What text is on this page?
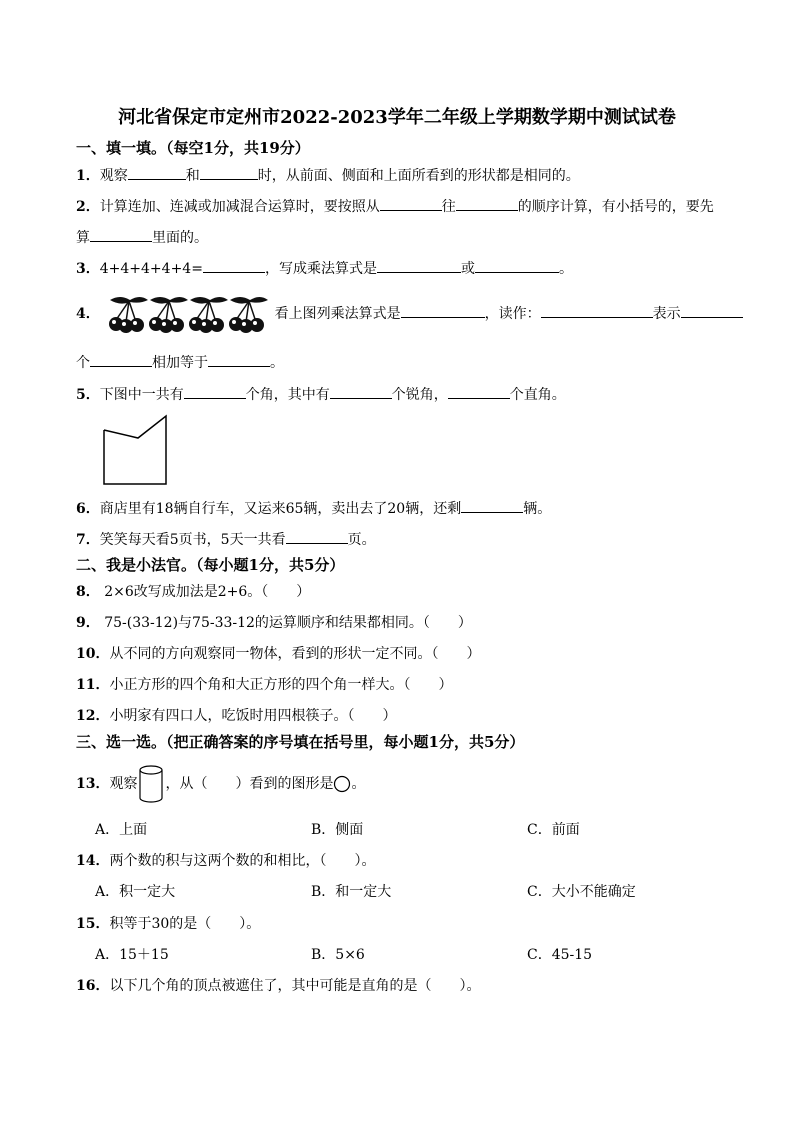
河北省保定市定州市2022-2023学年二年级上学期数学期中测试试卷
一、填一填。（每空1分，共19分）
1．观察	和	时，从前面、侧面和上面所看到的形状都是相同的。
2．计算连加、连减或加减混合运算时，要按照从	往	的顺序计算，有小括号的，要先
算	里面的。
3．4+4+4+4+4=	，写成乘法算式是	或	。
4．	看上图列乘法算式是	，读作：	表示
个	相加等于	。
5．下图中一共有	个角，其中有	个锐角，	个直角。
6．商店里有18辆自行车，又运来65辆，卖出去了20辆，还剩	辆。
7．笑笑每天看5页书，5天一共看	页。
二、我是小法官。（每小题1分，共5分）
8． 2×6改写成加法是2+6。（　　）
9． 75-(33-12)与75-33-12的运算顺序和结果都相同。（　　）
10．从不同的方向观察同一物体，看到的形状一定不同。（　　）
11．小正方形的四个角和大正方形的四个角一样大。（　　）
12．小明家有四口人，吃饭时用四根筷子。（　　）
三、选一选。（把正确答案的序号填在括号里，每小题1分，共5分）
13．观察 ，从（　　）看到的图形是 。
A．上面	B．侧面	C．前面
14．两个数的积与这两个数的和相比，（　　）。
A．积一定大	B．和一定大	C．大小不能确定
15．积等于30的是（　　）。
A．15＋15	B．5×6	C．45-15
16．以下几个角的顶点被遮住了，其中可能是直角的是（　　）。
